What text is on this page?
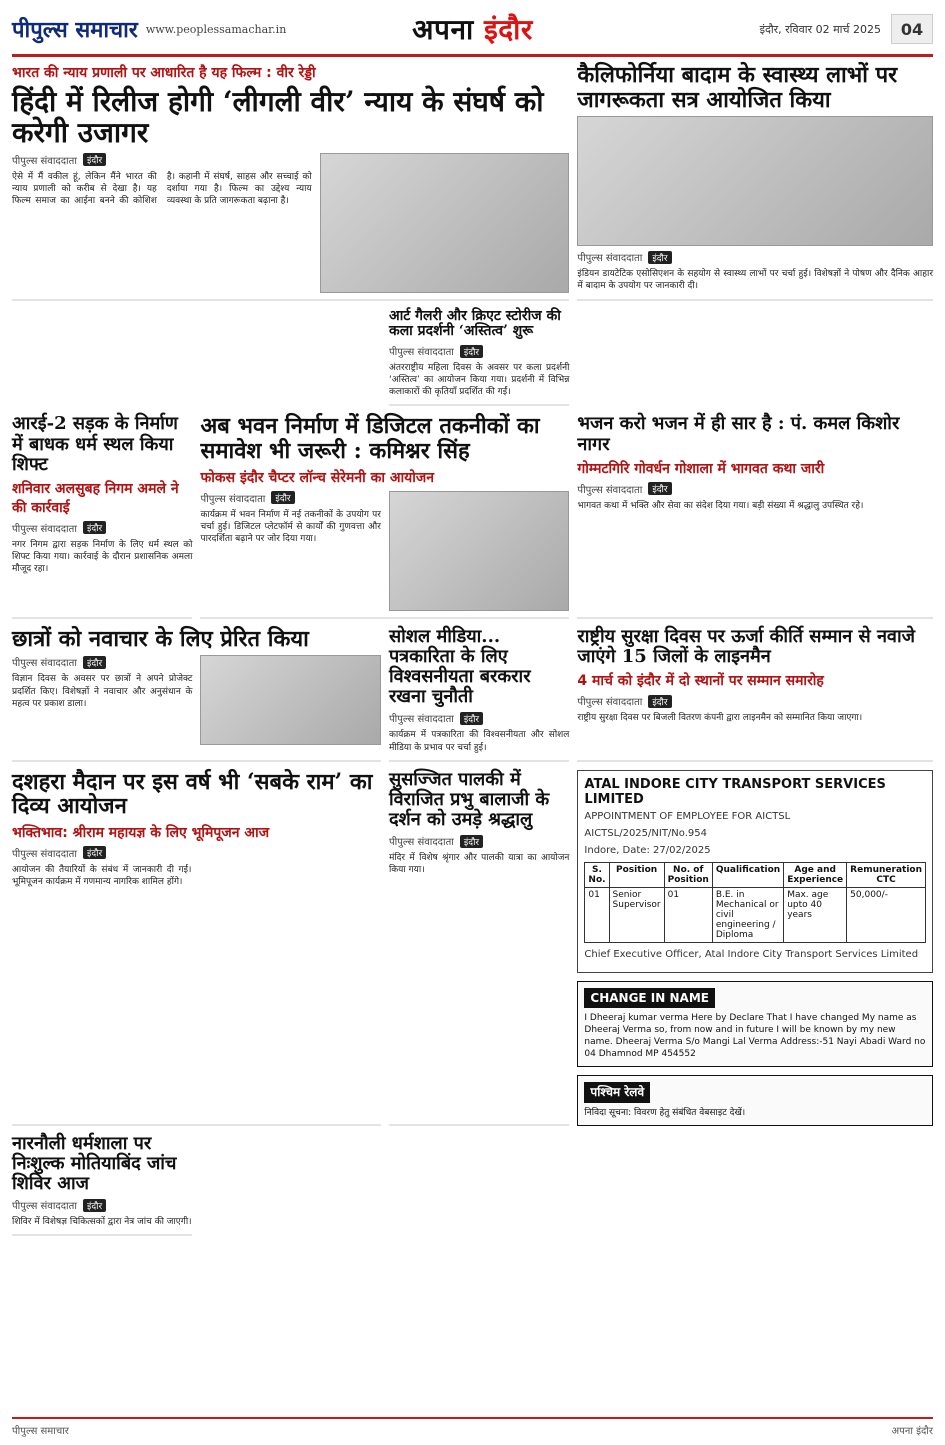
पीपुल्स समाचार www.peoplessamachar.in	अपना इंदौर	इंदौर, रविवार 02 मार्च 2025	04
भारत की न्याय प्रणाली पर आधारित है यह फिल्म : वीर रेड्डी
हिंदी में रिलीज होगी ‘लीगली वीर’ न्याय के संघर्ष को करेगी उजागर
पीपुल्स संवाददाता	इंदौर
ऐसे में मैं वकील हूं, लेकिन मैंने भारत की न्याय प्रणाली को करीब से देखा है। यह फिल्म समाज का आईना बनने की कोशिश है। कहानी में संघर्ष, साहस और सच्चाई को दर्शाया गया है। फिल्म का उद्देश्य न्याय व्यवस्था के प्रति जागरूकता बढ़ाना है।
कैलिफोर्निया बादाम के स्वास्थ्य लाभों पर जागरूकता सत्र आयोजित किया
पीपुल्स संवाददाता	इंदौर
इंडियन डायटेटिक एसोसिएशन के सहयोग से स्वास्थ्य लाभों पर चर्चा हुई। विशेषज्ञों ने पोषण और दैनिक आहार में बादाम के उपयोग पर जानकारी दी।
आर्ट गैलरी और क्रिएट स्टोरीज की कला प्रदर्शनी ‘अस्तित्व’ शुरू
पीपुल्स संवाददाता	इंदौर
अंतरराष्ट्रीय महिला दिवस के अवसर पर कला प्रदर्शनी ‘अस्तित्व’ का आयोजन किया गया। प्रदर्शनी में विभिन्न कलाकारों की कृतियाँ प्रदर्शित की गईं।
आरई-2 सड़क के निर्माण में बाधक धर्म स्थल किया शिफ्ट
शनिवार अलसुबह निगम अमले ने की कार्रवाई
पीपुल्स संवाददाता	इंदौर
नगर निगम द्वारा सड़क निर्माण के लिए धर्म स्थल को शिफ्ट किया गया। कार्रवाई के दौरान प्रशासनिक अमला मौजूद रहा।
अब भवन निर्माण में डिजिटल तकनीकों का समावेश भी जरूरी : कमिश्नर सिंह
फोकस इंदौर चैप्टर लॉन्च सेरेमनी का आयोजन
पीपुल्स संवाददाता	इंदौर
कार्यक्रम में भवन निर्माण में नई तकनीकों के उपयोग पर चर्चा हुई। डिजिटल प्लेटफॉर्म से कार्यों की गुणवत्ता और पारदर्शिता बढ़ाने पर जोर दिया गया।
भजन करो भजन में ही सार है : पं. कमल किशोर नागर
गोम्मटगिरि गोवर्धन गोशाला में भागवत कथा जारी
पीपुल्स संवाददाता	इंदौर
भागवत कथा में भक्ति और सेवा का संदेश दिया गया। बड़ी संख्या में श्रद्धालु उपस्थित रहे।
छात्रों को नवाचार के लिए प्रेरित किया
पीपुल्स संवाददाता	इंदौर
विज्ञान दिवस के अवसर पर छात्रों ने अपने प्रोजेक्ट प्रदर्शित किए। विशेषज्ञों ने नवाचार और अनुसंधान के महत्व पर प्रकाश डाला।
सोशल मीडिया... पत्रकारिता के लिए विश्वसनीयता बरकरार रखना चुनौती
पीपुल्स संवाददाता	इंदौर
कार्यक्रम में पत्रकारिता की विश्वसनीयता और सोशल मीडिया के प्रभाव पर चर्चा हुई।
राष्ट्रीय सुरक्षा दिवस पर ऊर्जा कीर्ति सम्मान से नवाजे जाएंगे 15 जिलों के लाइनमैन
4 मार्च को इंदौर में दो स्थानों पर सम्मान समारोह
पीपुल्स संवाददाता	इंदौर
राष्ट्रीय सुरक्षा दिवस पर बिजली वितरण कंपनी द्वारा लाइनमैन को सम्मानित किया जाएगा।
दशहरा मैदान पर इस वर्ष भी ‘सबके राम’ का दिव्य आयोजन
भक्तिभाव: श्रीराम महायज्ञ के लिए भूमिपूजन आज
पीपुल्स संवाददाता	इंदौर
आयोजन की तैयारियों के संबंध में जानकारी दी गई। भूमिपूजन कार्यक्रम में गणमान्य नागरिक शामिल होंगे।
सुसज्जित पालकी में विराजित प्रभु बालाजी के दर्शन को उमड़े श्रद्धालु
पीपुल्स संवाददाता	इंदौर
मंदिर में विशेष श्रृंगार और पालकी यात्रा का आयोजन किया गया।
ATAL INDORE CITY TRANSPORT SERVICES LIMITED
APPOINTMENT OF EMPLOYEE FOR AICTSL
AICTSL/2025/NIT/No.954
Indore, Date: 27/02/2025
S. No.	Position	No. of Position	Qualification	Age and Experience	Remuneration CTC
01	Senior Supervisor	01	B.E. in Mechanical or civil engineering / Diploma	Max. age upto 40 years	50,000/-
Chief Executive Officer, Atal Indore City Transport Services Limited
CHANGE IN NAME
I Dheeraj kumar verma Here by Declare That I have changed My name as Dheeraj Verma so, from now and in future I will be known by my new name. Dheeraj Verma S/o Mangi Lal Verma Address:-51 Nayi Abadi Ward no 04 Dhamnod MP 454552
पश्चिम रेलवे
निविदा सूचना: विवरण हेतु संबंधित वेबसाइट देखें।
नारनौली धर्मशाला पर निःशुल्क मोतियाबिंद जांच शिविर आज
पीपुल्स संवाददाता	इंदौर
शिविर में विशेषज्ञ चिकित्सकों द्वारा नेत्र जांच की जाएगी।
पीपुल्स समाचार	अपना इंदौर
